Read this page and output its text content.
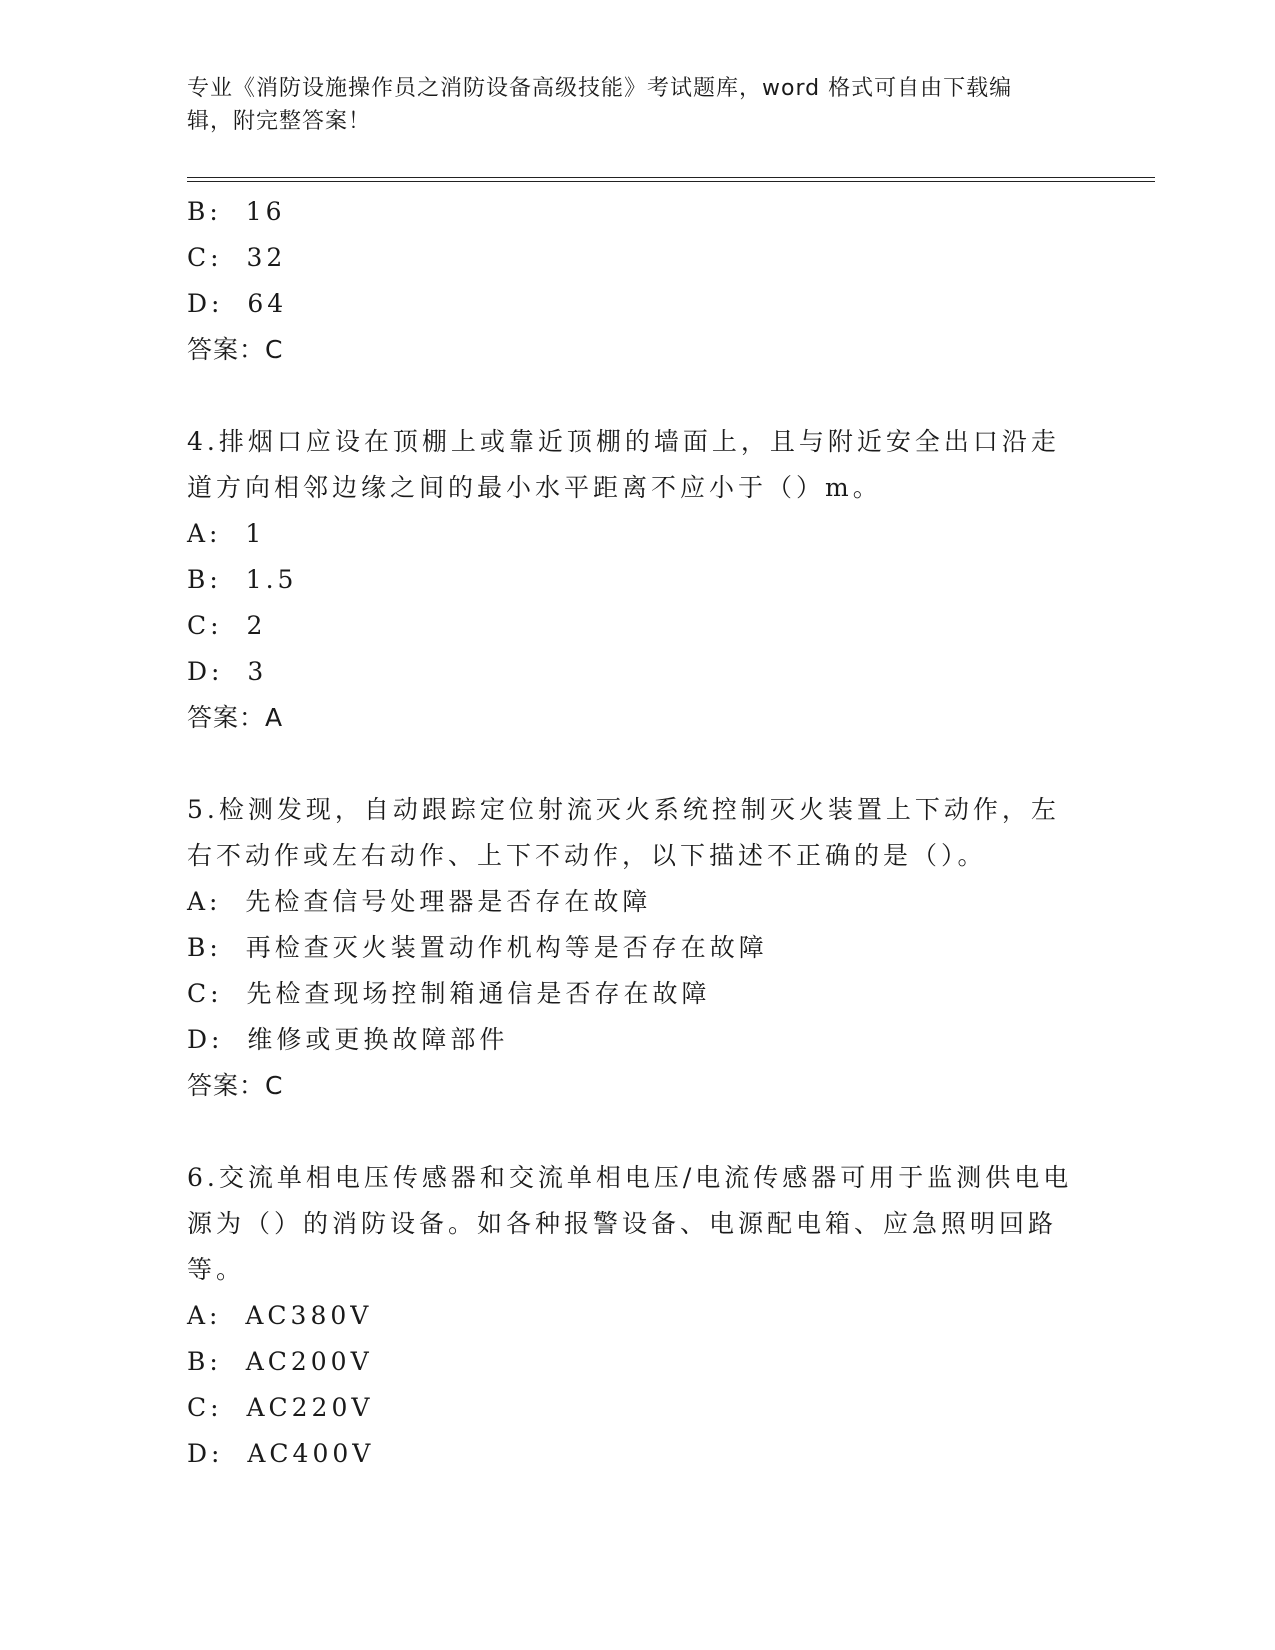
专业《消防设施操作员之消防设备高级技能》考试题库，word 格式可自由下载编
辑，附完整答案！
B:  16
C:  32
D:  64
答案：C
4.排烟口应设在顶棚上或靠近顶棚的墙面上，且与附近安全出口沿走
道方向相邻边缘之间的最小水平距离不应小于（）m。
A:  1
B:  1.5
C:  2
D:  3
答案：A
5.检测发现，自动跟踪定位射流灭火系统控制灭火装置上下动作，左
右不动作或左右动作、上下不动作，以下描述不正确的是（）。
A:  先检查信号处理器是否存在故障
B:  再检查灭火装置动作机构等是否存在故障
C:  先检查现场控制箱通信是否存在故障
D:  维修或更换故障部件
答案：C
6.交流单相电压传感器和交流单相电压/电流传感器可用于监测供电电
源为（）的消防设备。如各种报警设备、电源配电箱、应急照明回路
等。
A:  AC380V
B:  AC200V
C:  AC220V
D:  AC400V
